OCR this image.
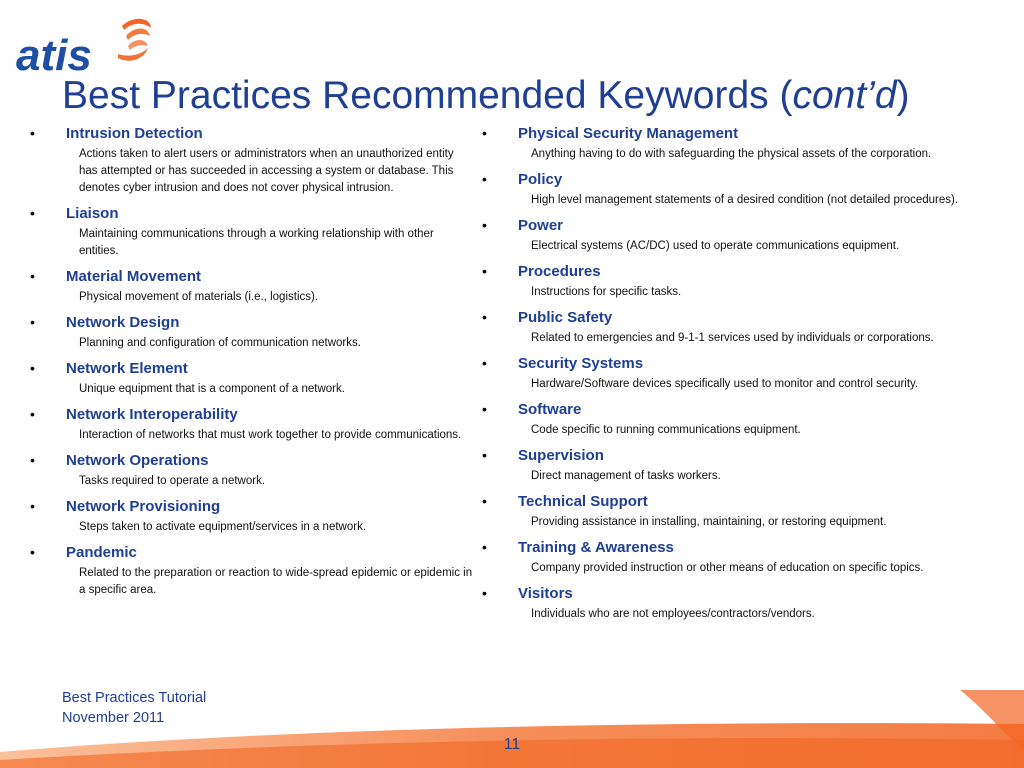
atis
Best Practices Recommended Keywords (cont’d)
• Intrusion Detection
Actions taken to alert users or administrators when an unauthorized entity has attempted or has succeeded in accessing a system or database. This denotes cyber intrusion and does not cover physical intrusion.
• Liaison
Maintaining communications through a working relationship with other entities.
• Material Movement
Physical movement of materials (i.e., logistics).
• Network Design
Planning and configuration of communication networks.
• Network Element
Unique equipment that is a component of a network.
• Network Interoperability
Interaction of networks that must work together to provide communications.
• Network Operations
Tasks required to operate a network.
• Network Provisioning
Steps taken to activate equipment/services in a network.
• Pandemic
Related to the preparation or reaction to wide-spread epidemic or epidemic in a specific area.
• Physical Security Management
Anything having to do with safeguarding the physical assets of the corporation.
• Policy
High level management statements of a desired condition (not detailed procedures).
• Power
Electrical systems (AC/DC) used to operate communications equipment.
• Procedures
Instructions for specific tasks.
• Public Safety
Related to emergencies and 9-1-1 services used by individuals or corporations.
• Security Systems
Hardware/Software devices specifically used to monitor and control security.
• Software
Code specific to running communications equipment.
• Supervision
Direct management of tasks workers.
• Technical Support
Providing assistance in installing, maintaining, or restoring equipment.
• Training & Awareness
Company provided instruction or other means of education on specific topics.
• Visitors
Individuals who are not employees/contractors/vendors.
Best Practices Tutorial
November 2011
11
